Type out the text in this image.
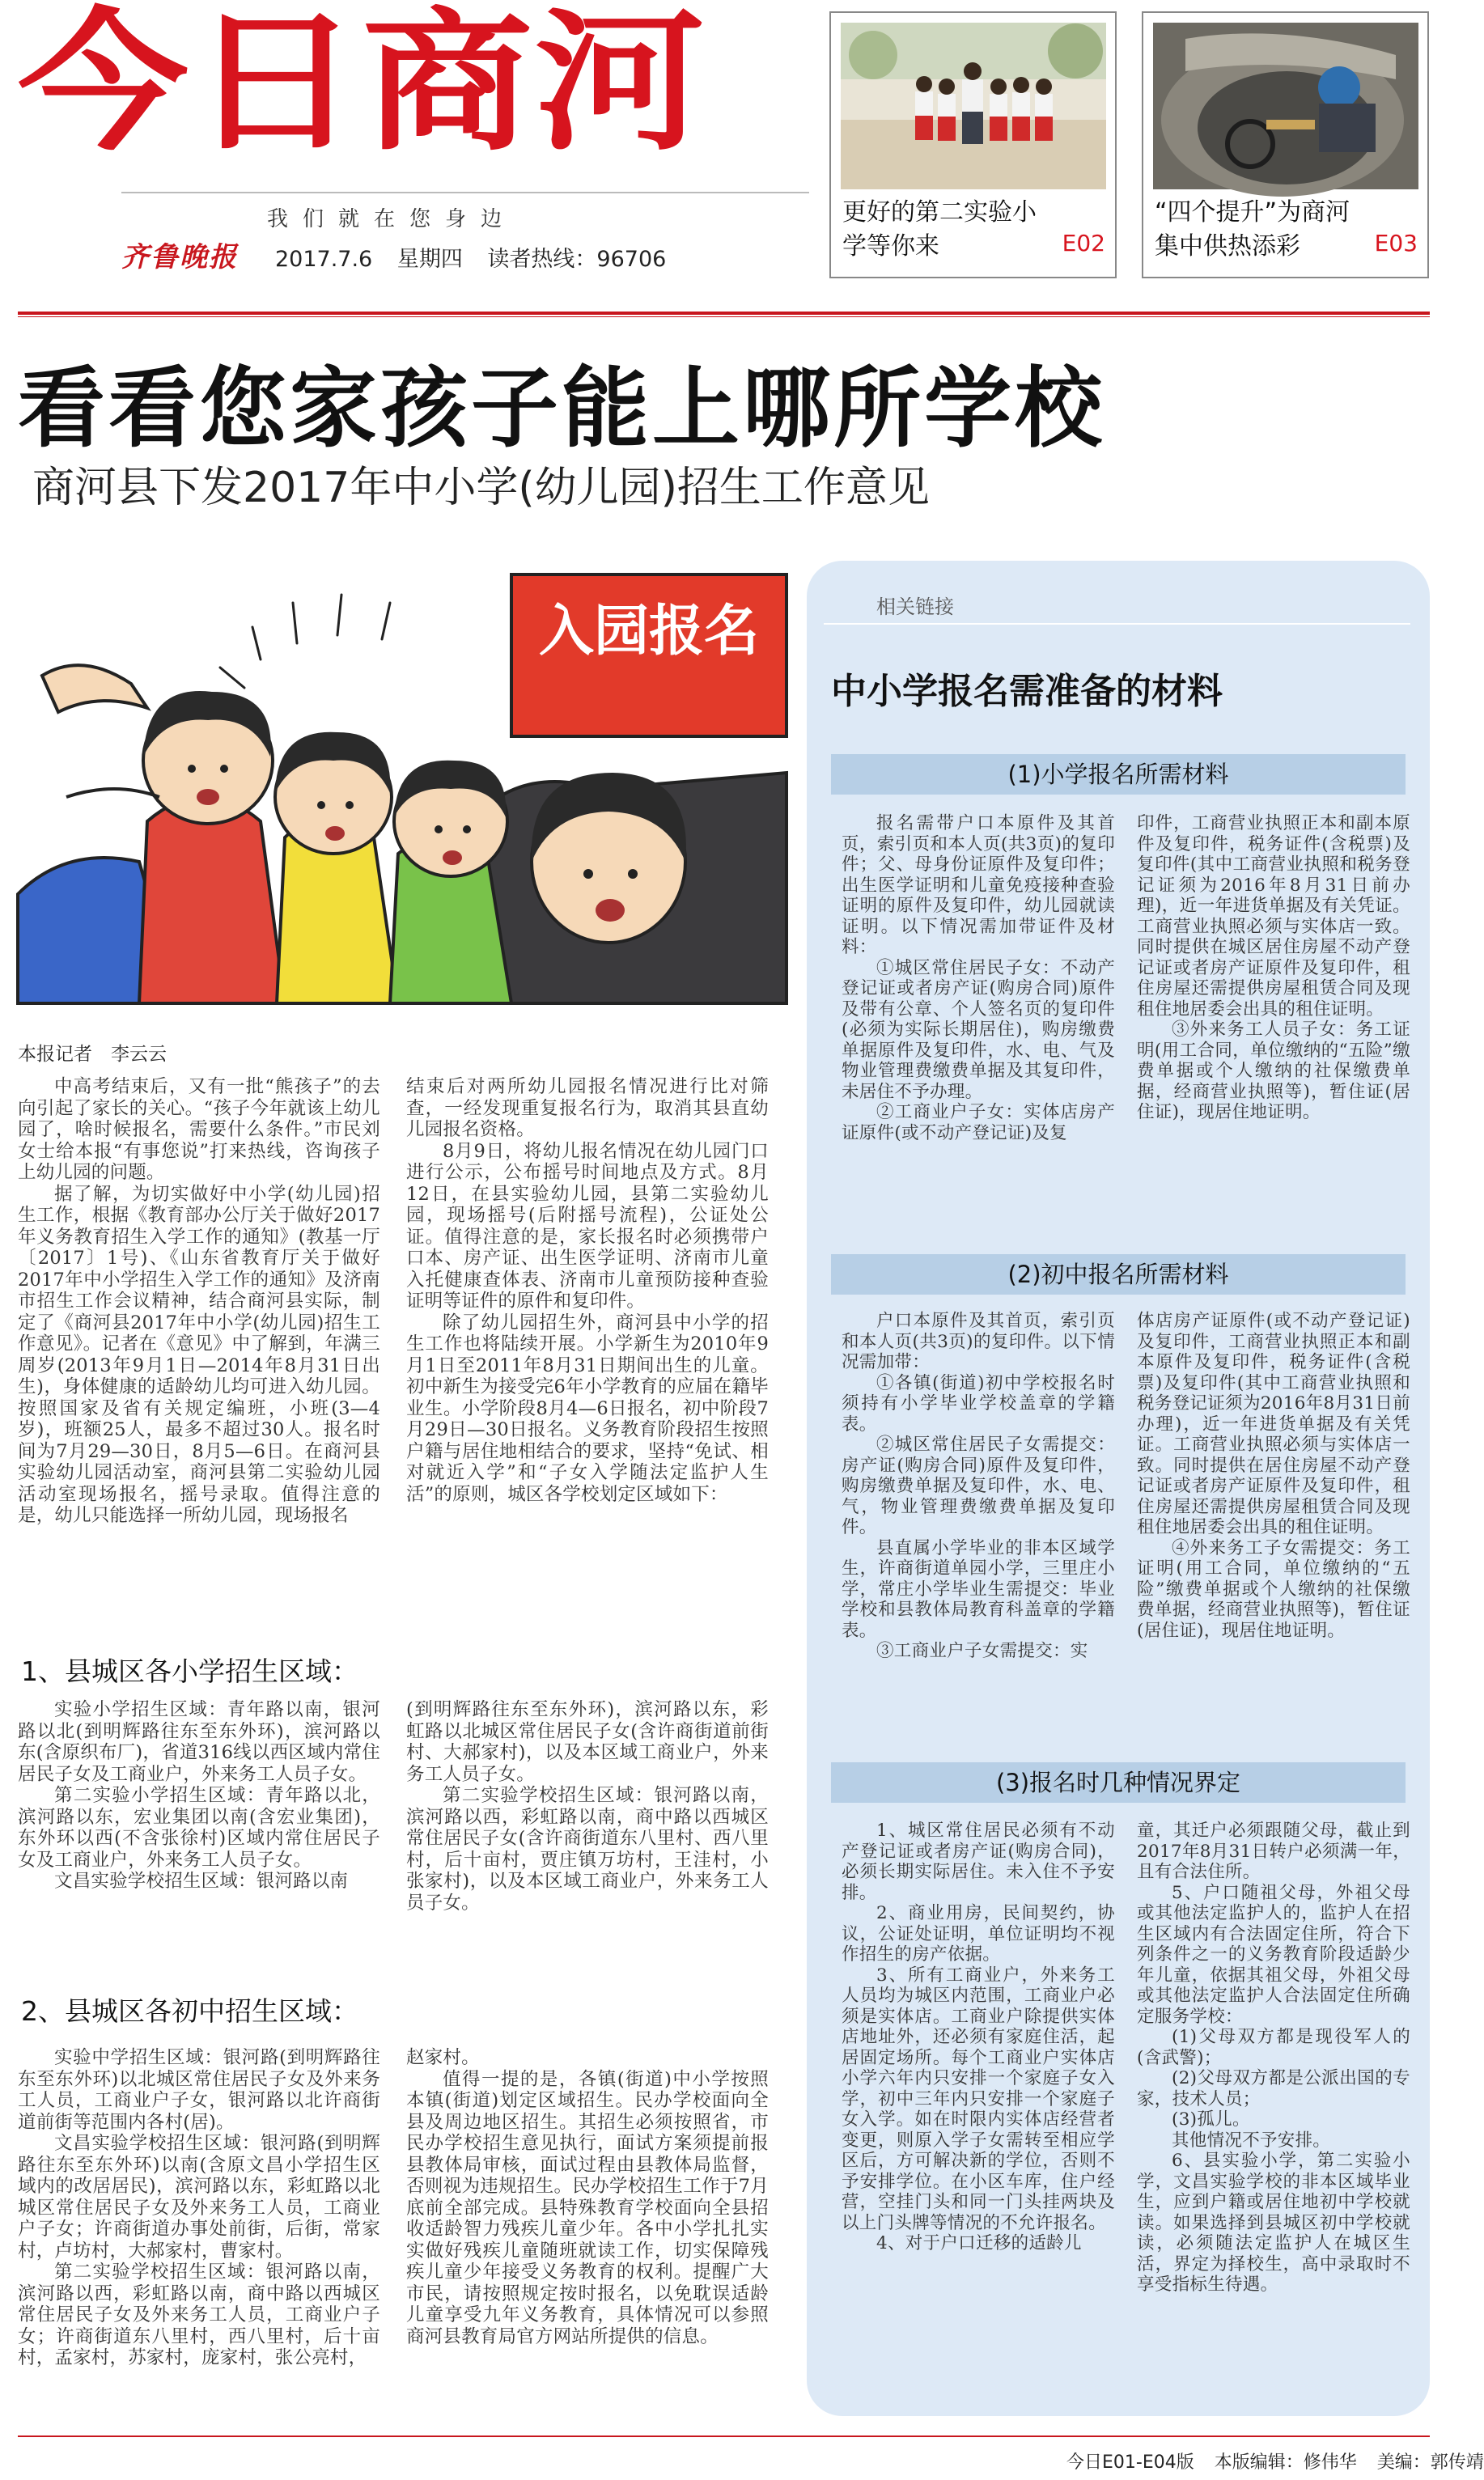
今日商河
我们就在您身边
齐鲁晚报 2017.7.6 星期四 读者热线：96706
更好的第二实验小学等你来	E02
“四个提升”为商河集中供热添彩	E03
看看您家孩子能上哪所学校
商河县下发2017年中小学(幼儿园)招生工作意见
入园报名
本报记者　李云云

中高考结束后，又有一批“熊孩子”的去向引起了家长的关心。“孩子今年就该上幼儿园了，啥时候报名，需要什么条件。”市民刘女士给本报“有事您说”打来热线，咨询孩子上幼儿园的问题。

据了解，为切实做好中小学(幼儿园)招生工作，根据《教育部办公厅关于做好2017年义务教育招生入学工作的通知》(教基一厅〔2017〕1号)、《山东省教育厅关于做好2017年中小学招生入学工作的通知》及济南市招生工作会议精神，结合商河县实际，制定了《商河县2017年中小学(幼儿园)招生工作意见》。记者在《意见》中了解到，年满三周岁(2013年9月1日—2014年8月31日出生)，身体健康的适龄幼儿均可进入幼儿园。按照国家及省有关规定编班，小班(3—4岁)，班额25人，最多不超过30人。报名时间为7月29—30日，8月5—6日。在商河县实验幼儿园活动室，商河县第二实验幼儿园活动室现场报名，摇号录取。值得注意的是，幼儿只能选择一所幼儿园，现场报名

结束后对两所幼儿园报名情况进行比对筛查，一经发现重复报名行为，取消其县直幼儿园报名资格。

8月9日，将幼儿报名情况在幼儿园门口进行公示，公布摇号时间地点及方式。8月12日，在县实验幼儿园，县第二实验幼儿园，现场摇号(后附摇号流程)，公证处公证。值得注意的是，家长报名时必须携带户口本、房产证、出生医学证明、济南市儿童入托健康查体表、济南市儿童预防接种查验证明等证件的原件和复印件。

除了幼儿园招生外，商河县中小学的招生工作也将陆续开展。小学新生为2010年9月1日至2011年8月31日期间出生的儿童。初中新生为接受完6年小学教育的应届在籍毕业生。小学阶段8月4—6日报名，初中阶段7月29日—30日报名。义务教育阶段招生按照户籍与居住地相结合的要求，坚持“免试、相对就近入学”和“子女入学随法定监护人生活”的原则，城区各学校划定区域如下：

1、县城区各小学招生区域：

实验小学招生区域：青年路以南，银河路以北(到明辉路往东至东外环)，滨河路以东(含原织布厂)，省道316线以西区域内常住居民子女及工商业户，外来务工人员子女。

第二实验小学招生区域：青年路以北，滨河路以东，宏业集团以南(含宏业集团)，东外环以西(不含张徐村)区域内常住居民子女及工商业户，外来务工人员子女。

文昌实验学校招生区域：银河路以南

(到明辉路往东至东外环)，滨河路以东，彩虹路以北城区常住居民子女(含许商街道前街村、大郝家村)，以及本区域工商业户，外来务工人员子女。

第二实验学校招生区域：银河路以南，滨河路以西，彩虹路以南，商中路以西城区常住居民子女(含许商街道东八里村、西八里村，后十亩村，贾庄镇万坊村，王洼村，小张家村)，以及本区域工商业户，外来务工人员子女。

2、县城区各初中招生区域：

实验中学招生区域：银河路(到明辉路往东至东外环)以北城区常住居民子女及外来务工人员，工商业户子女，银河路以北许商街道前街等范围内各村(居)。

文昌实验学校招生区域：银河路(到明辉路往东至东外环)以南(含原文昌小学招生区域内的改居居民)，滨河路以东，彩虹路以北城区常住居民子女及外来务工人员，工商业户子女；许商街道办事处前街，后街，常家村，卢坊村，大郝家村，曹家村。

第二实验学校招生区域：银河路以南，滨河路以西，彩虹路以南，商中路以西城区常住居民子女及外来务工人员，工商业户子女；许商街道东八里村，西八里村，后十亩村，孟家村，苏家村，庞家村，张公亮村，

赵家村。

值得一提的是，各镇(街道)中小学按照本镇(街道)划定区域招生。民办学校面向全县及周边地区招生。其招生必须按照省，市民办学校招生意见执行，面试方案须提前报县教体局审核，面试过程由县教体局监督，否则视为违规招生。民办学校招生工作于7月底前全部完成。县特殊教育学校面向全县招收适龄智力残疾儿童少年。各中小学扎扎实实做好残疾儿童随班就读工作，切实保障残疾儿童少年接受义务教育的权利。提醒广大市民，请按照规定按时报名，以免耽误适龄儿童享受九年义务教育，具体情况可以参照商河县教育局官方网站所提供的信息。

相关链接
中小学报名需准备的材料
(1)小学报名所需材料

报名需带户口本原件及其首页，索引页和本人页(共3页)的复印件；父、母身份证原件及复印件；出生医学证明和儿童免疫接种查验证明的原件及复印件，幼儿园就读证明。以下情况需加带证件及材料：

①城区常住居民子女：不动产登记证或者房产证(购房合同)原件及带有公章、个人签名页的复印件(必须为实际长期居住)，购房缴费单据原件及复印件，水、电、气及物业管理费缴费单据及其复印件，未居住不予办理。

②工商业户子女：实体店房产证原件(或不动产登记证)及复

印件，工商营业执照正本和副本原件及复印件，税务证件(含税票)及复印件(其中工商营业执照和税务登记证须为2016年8月31日前办理)，近一年进货单据及有关凭证。工商营业执照必须与实体店一致。同时提供在城区居住房屋不动产登记证或者房产证原件及复印件，租住房屋还需提供房屋租赁合同及现租住地居委会出具的租住证明。

③外来务工人员子女：务工证明(用工合同，单位缴纳的“五险”缴费单据或个人缴纳的社保缴费单据，经商营业执照等)，暂住证(居住证)，现居住地证明。

(2)初中报名所需材料

户口本原件及其首页，索引页和本人页(共3页)的复印件。以下情况需加带：

①各镇(街道)初中学校报名时须持有小学毕业学校盖章的学籍表。

②城区常住居民子女需提交：房产证(购房合同)原件及复印件，购房缴费单据及复印件，水、电、气，物业管理费缴费单据及复印件。

县直属小学毕业的非本区域学生，许商街道单园小学，三里庄小学，常庄小学毕业生需提交：毕业学校和县教体局教育科盖章的学籍表。

③工商业户子女需提交：实

体店房产证原件(或不动产登记证)及复印件，工商营业执照正本和副本原件及复印件，税务证件(含税票)及复印件(其中工商营业执照和税务登记证须为2016年8月31日前办理)，近一年进货单据及有关凭证。工商营业执照必须与实体店一致。同时提供在居住房屋不动产登记证或者房产证原件及复印件，租住房屋还需提供房屋租赁合同及现租住地居委会出具的租住证明。

④外来务工子女需提交：务工证明(用工合同，单位缴纳的“五险”缴费单据或个人缴纳的社保缴费单据，经商营业执照等)，暂住证(居住证)，现居住地证明。

(3)报名时几种情况界定

1、城区常住居民必须有不动产登记证或者房产证(购房合同)，必须长期实际居住。未入住不予安排。

2、商业用房，民间契约，协议，公证处证明，单位证明均不视作招生的房产依据。

3、所有工商业户，外来务工人员均为城区内范围，工商业户必须是实体店。工商业户除提供实体店地址外，还必须有家庭住活，起居固定场所。每个工商业户实体店小学六年内只安排一个家庭子女入学，初中三年内只安排一个家庭子女入学。如在时限内实体店经营者变更，则原入学子女需转至相应学区后，方可解决新的学位，否则不予安排学位。在小区车库，住户经营，空挂门头和同一门头挂两块及以上门头牌等情况的不允许报名。

4、对于户口迁移的适龄儿

童，其迁户必须跟随父母，截止到2017年8月31日转户必须满一年，且有合法住所。

5、户口随祖父母，外祖父母或其他法定监护人的，监护人在招生区域内有合法固定住所，符合下列条件之一的义务教育阶段适龄少年儿童，依据其祖父母，外祖父母或其他法定监护人合法固定住所确定服务学校：

(1)父母双方都是现役军人的(含武警)；

(2)父母双方都是公派出国的专家，技术人员；

(3)孤儿。

其他情况不予安排。

6、县实验小学，第二实验小学，文昌实验学校的非本区域毕业生，应到户籍或居住地初中学校就读。如果选择到县城区初中学校就读，必须随法定监护人在城区生活，界定为择校生，高中录取时不享受指标生待遇。

今日E01-E04版 本版编辑：修伟华 美编：郭传靖
